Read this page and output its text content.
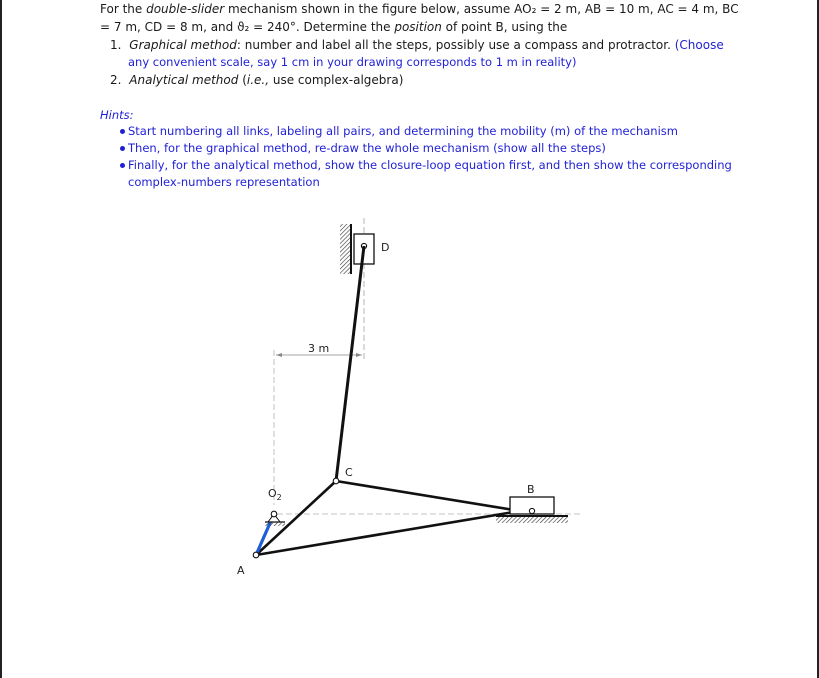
For the double-slider mechanism shown in the figure below, assume AO₂ = 2 m, AB = 10 m, AC = 4 m, BC
= 7 m, CD = 8 m, and ϑ₂ = 240°. Determine the position of point B, using the
1. Graphical method: number and label all the steps, possibly use a compass and protractor. (Choose
any convenient scale, say 1 cm in your drawing corresponds to 1 m in reality)
2. Analytical method (i.e., use complex-algebra)
Hints:
Start numbering all links, labeling all pairs, and determining the mobility (m) of the mechanism
Then, for the graphical method, re-draw the whole mechanism (show all the steps)
Finally, for the analytical method, show the closure-loop equation first, and then show the corresponding
complex-numbers representation
3 m
D
$O_2$
A
C
B
